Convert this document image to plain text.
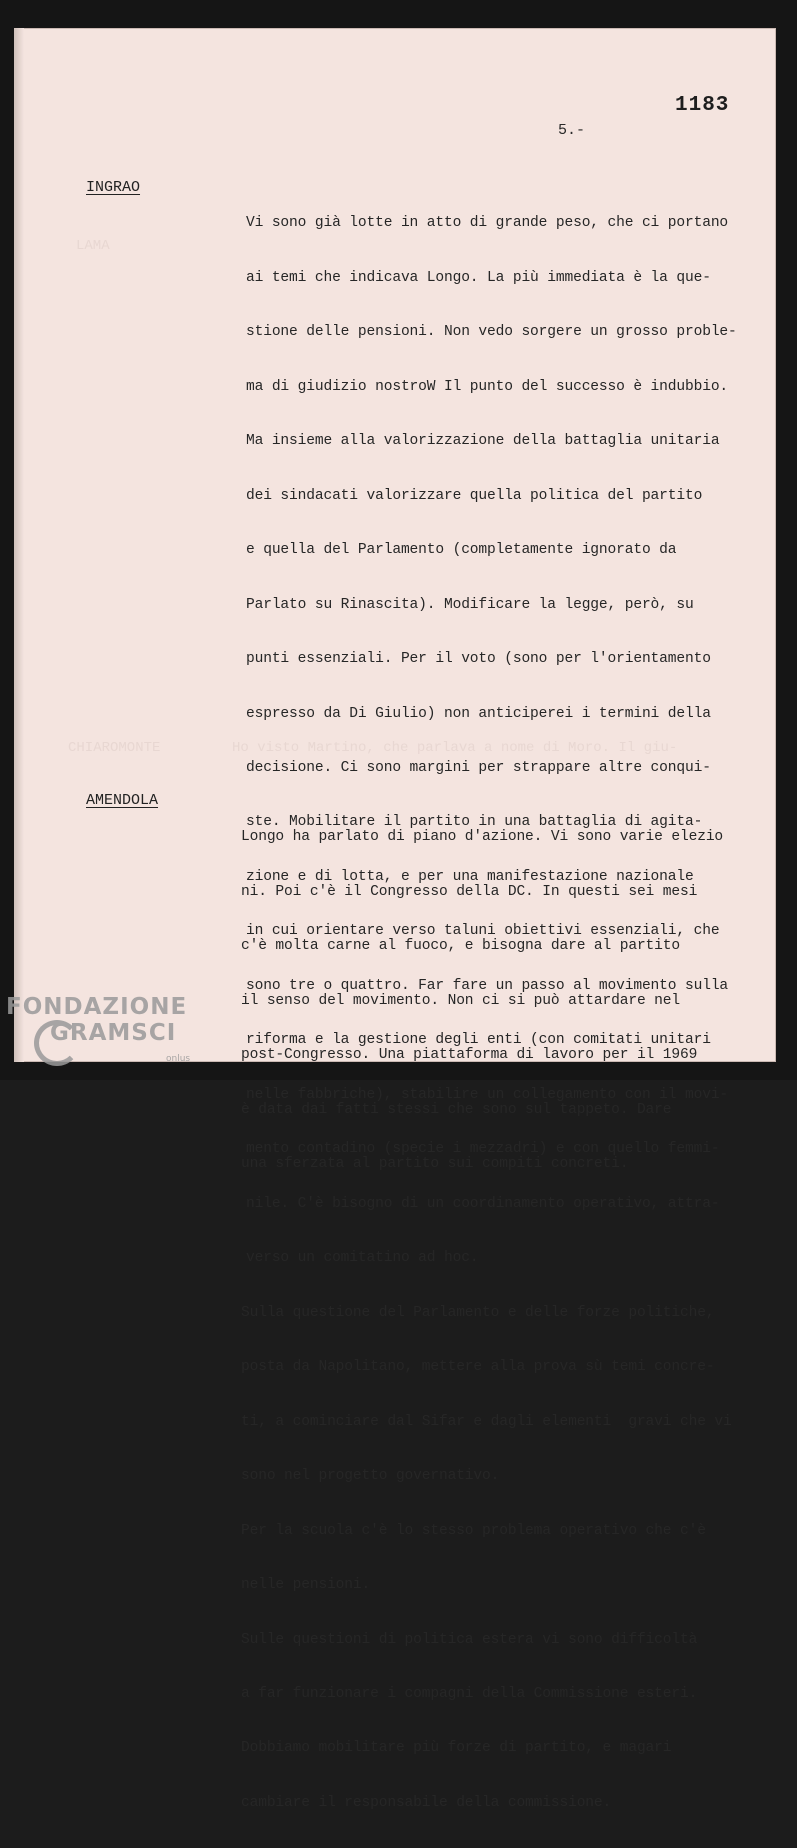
LAMA
CHIAROMONTE	Ho visto Martino, che parlava a nome di Moro. Il giu-
1183
5.-
INGRAO

Vi sono già lotte in atto di grande peso, che ci portano

ai temi che indicava Longo. La più immediata è la que-

stione delle pensioni. Non vedo sorgere un grosso proble-

ma di giudizio nostroW Il punto del successo è indubbio.

Ma insieme alla valorizzazione della battaglia unitaria

dei sindacati valorizzare quella politica del partito

e quella del Parlamento (completamente ignorato da

Parlato su Rinascita). Modificare la legge, però, su

punti essenziali. Per il voto (sono per l'orientamento

espresso da Di Giulio) non anticiperei i termini della

decisione. Ci sono margini per strappare altre conqui-

ste. Mobilitare il partito in una battaglia di agita-

zione e di lotta, e per una manifestazione nazionale

in cui orientare verso taluni obiettivi essenziali, che

sono tre o quattro. Far fare un passo al movimento sulla

riforma e la gestione degli enti (con comitati unitari

nelle fabbriche), stabilire un collegamento con il movi-

mento contadino (specie i mezzadri) e con quello femmi-

nile. C'è bisogno di un coordinamento operativo, attra-

verso un comitatino ad hoc.

Sulla questione del Parlamento e delle forze politiche,

posta da Napolitano, mettere alla prova sù temi concre-

ti, a cominciare dal Sifar e dagli elementi  gravi che vi

sono nel progetto governativo.

Per la scuola c'è lo stesso problema operativo che c'è

nelle pensioni.

Sulle questioni di politica estera vi sono difficoltà

a far funzionare i compagni della Commissione esteri.

Dobbiamo mobilitare più forze di partito, e magari

cambiare il responsabile della commissione.

AMENDOLA

Longo ha parlato di piano d'azione. Vi sono varie elezio

ni. Poi c'è il Congresso della DC. In questi sei mesi

c'è molta carne al fuoco, e bisogna dare al partito

il senso del movimento. Non ci si può attardare nel

post-Congresso. Una piattaforma di lavoro per il 1969

è data dai fatti stessi che sono sul tappeto. Dare

una sferzata al partito sui compiti concreti.

FONDAZIONE
GRAMSCI
onlus
